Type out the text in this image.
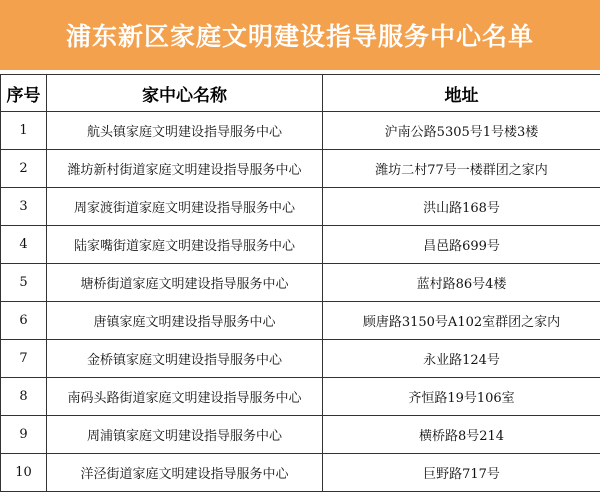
浦东新区家庭文明建设指导服务中心名单
序号	家中心名称	地址
1	航头镇家庭文明建设指导服务中心	沪南公路5305号1号楼3楼
2	潍坊新村街道家庭文明建设指导服务中心	潍坊二村77号一楼群团之家内
3	周家渡街道家庭文明建设指导服务中心	洪山路168号
4	陆家嘴街道家庭文明建设指导服务中心	昌邑路699号
5	塘桥街道家庭文明建设指导服务中心	蓝村路86号4楼
6	唐镇家庭文明建设指导服务中心	顾唐路3150号A102室群团之家内
7	金桥镇家庭文明建设指导服务中心	永业路124号
8	南码头路街道家庭文明建设指导服务中心	齐恒路19号106室
9	周浦镇家庭文明建设指导服务中心	横桥路8号214
10	洋泾街道家庭文明建设指导服务中心	巨野路717号
